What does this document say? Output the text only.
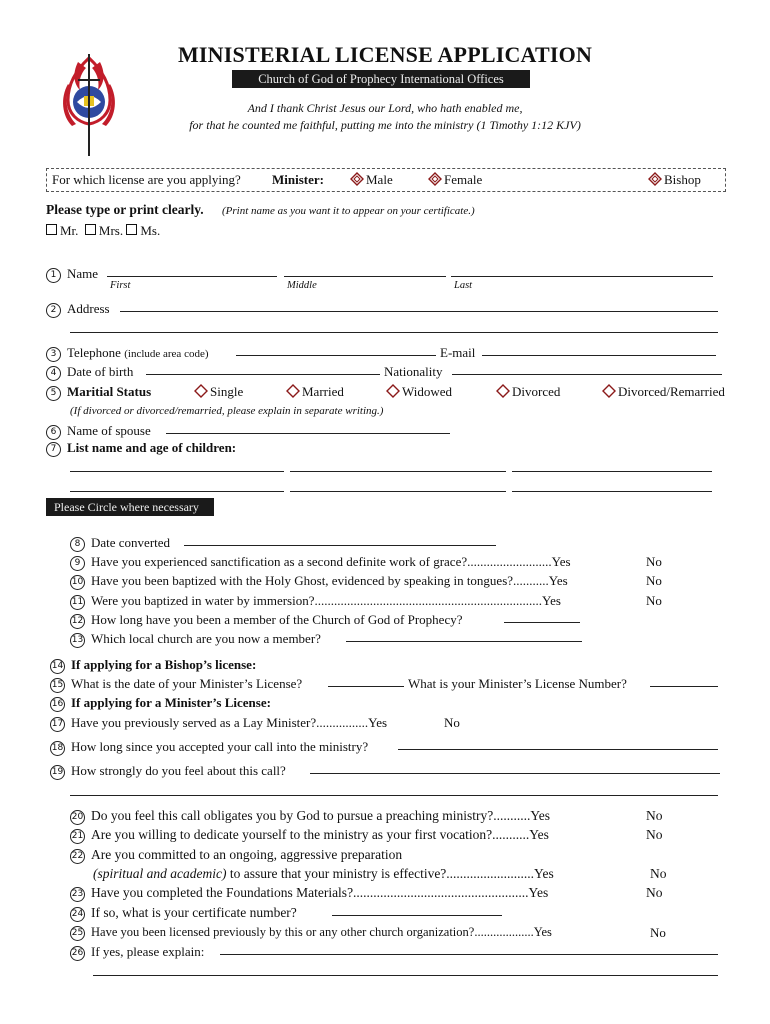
MINISTERIAL LICENSE APPLICATION
Church of God of Prophecy International Offices
And I thank Christ Jesus our Lord, who hath enabled me,
for that he counted me faithful, putting me into the ministry (1 Timothy 1:12 KJV)
For which license are you applying? Minister:	Male	Female	Bishop
Please type or print clearly. (Print name as you want it to appear on your certificate.)
Mr. Mrs. Ms.
1 Name
First	Middle	Last
2 Address
3 Telephone (include area code)	E-mail
4 Date of birth	Nationality
5 Maritial Status	Single	Married	Widowed	Divorced	Divorced/Remarried
(If divorced or divorced/remarried, please explain in separate writing.)
6 Name of spouse
7 List name and age of children:
Please Circle where necessary
8 Date converted
9 Have you experienced sanctification as a second definite work of grace?..........................Yes	No
10 Have you been baptized with the Holy Ghost, evidenced by speaking in tongues?...........Yes	No
11 Were you baptized in water by immersion?......................................................................Yes	No
12 How long have you been a member of the Church of God of Prophecy?
13 Which local church are you now a member?
14 If applying for a Bishop’s license:
15 What is the date of your Minister’s License?	What is your Minister’s License Number?
16 If applying for a Minister’s License:
17 Have you previously served as a Lay Minister?................Yes	No
18 How long since you accepted your call into the ministry?
19 How strongly do you feel about this call?
20 Do you feel this call obligates you by God to pursue a preaching ministry?...........Yes	No
21 Are you willing to dedicate yourself to the ministry as your first vocation?...........Yes	No
22 Are you committed to an ongoing, aggressive preparation
(spiritual and academic) to assure that your ministry is effective?..........................Yes	No
23 Have you completed the Foundations Materials?....................................................Yes	No
24 If so, what is your certificate number?
25 Have you been licensed previously by this or any other church organization?...................Yes	No
26 If yes, please explain:
